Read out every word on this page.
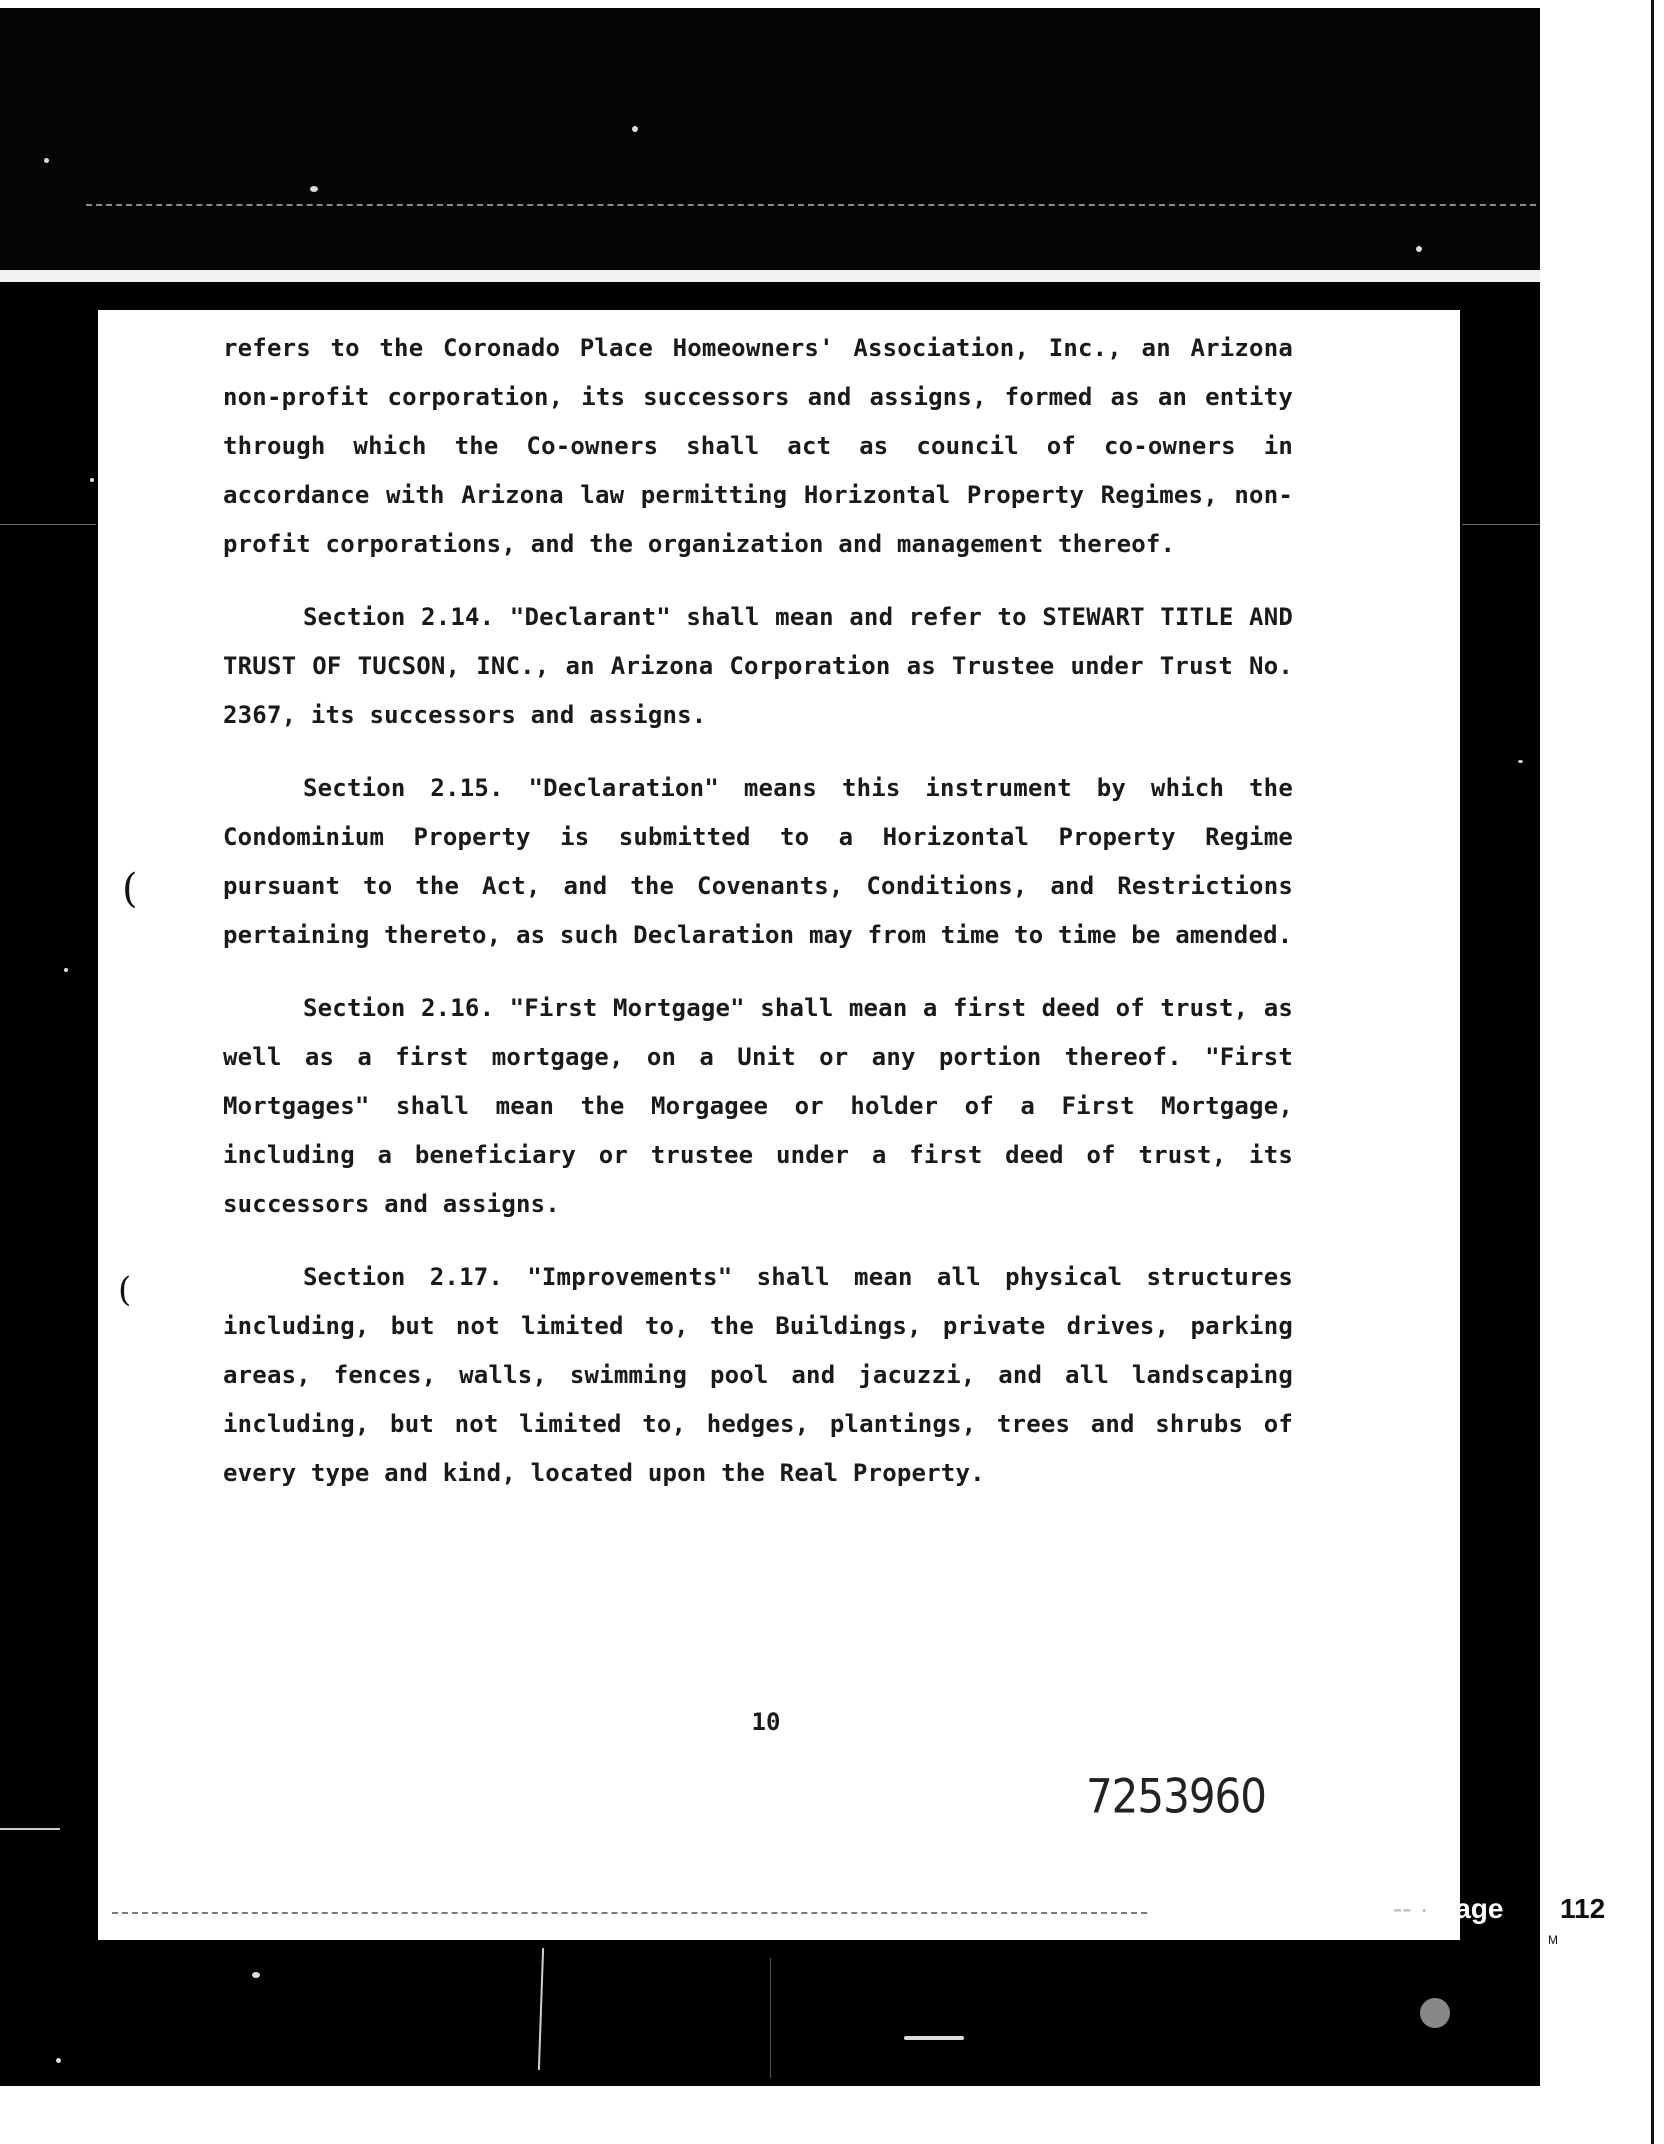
refers to the Coronado Place Homeowners' Association, Inc., an Arizona non-profit corporation, its successors and assigns, formed as an entity through which the Co-owners shall act as council of co-owners in accordance with Arizona law permitting Horizontal Property Regimes, non-profit corporations, and the organization and management thereof.

Section 2.14. "Declarant" shall mean and refer to STEWART TITLE AND TRUST OF TUCSON, INC., an Arizona Corporation as Trustee under Trust No. 2367, its successors and assigns.

Section 2.15. "Declaration" means this instrument by which the Condominium Property is submitted to a Horizontal Property Regime pursuant to the Act, and the Covenants, Conditions, and Restrictions pertaining thereto, as such Declaration may from time to time be amended.

Section 2.16. "First Mortgage" shall mean a first deed of trust, as well as a first mortgage, on a Unit or any portion thereof. "First Mortgages" shall mean the Morgagee or holder of a First Mortgage, including a beneficiary or trustee under a first deed of trust, its successors and assigns.

Section 2.17. "Improvements" shall mean all physical structures including, but not limited to, the Buildings, private drives, parking areas, fences, walls, swimming pool and jacuzzi, and all landscaping including, but not limited to, hedges, plantings, trees and shrubs of every type and kind, located upon the Real Property.

10
7253 960
(
(
-- · Page 112
M
